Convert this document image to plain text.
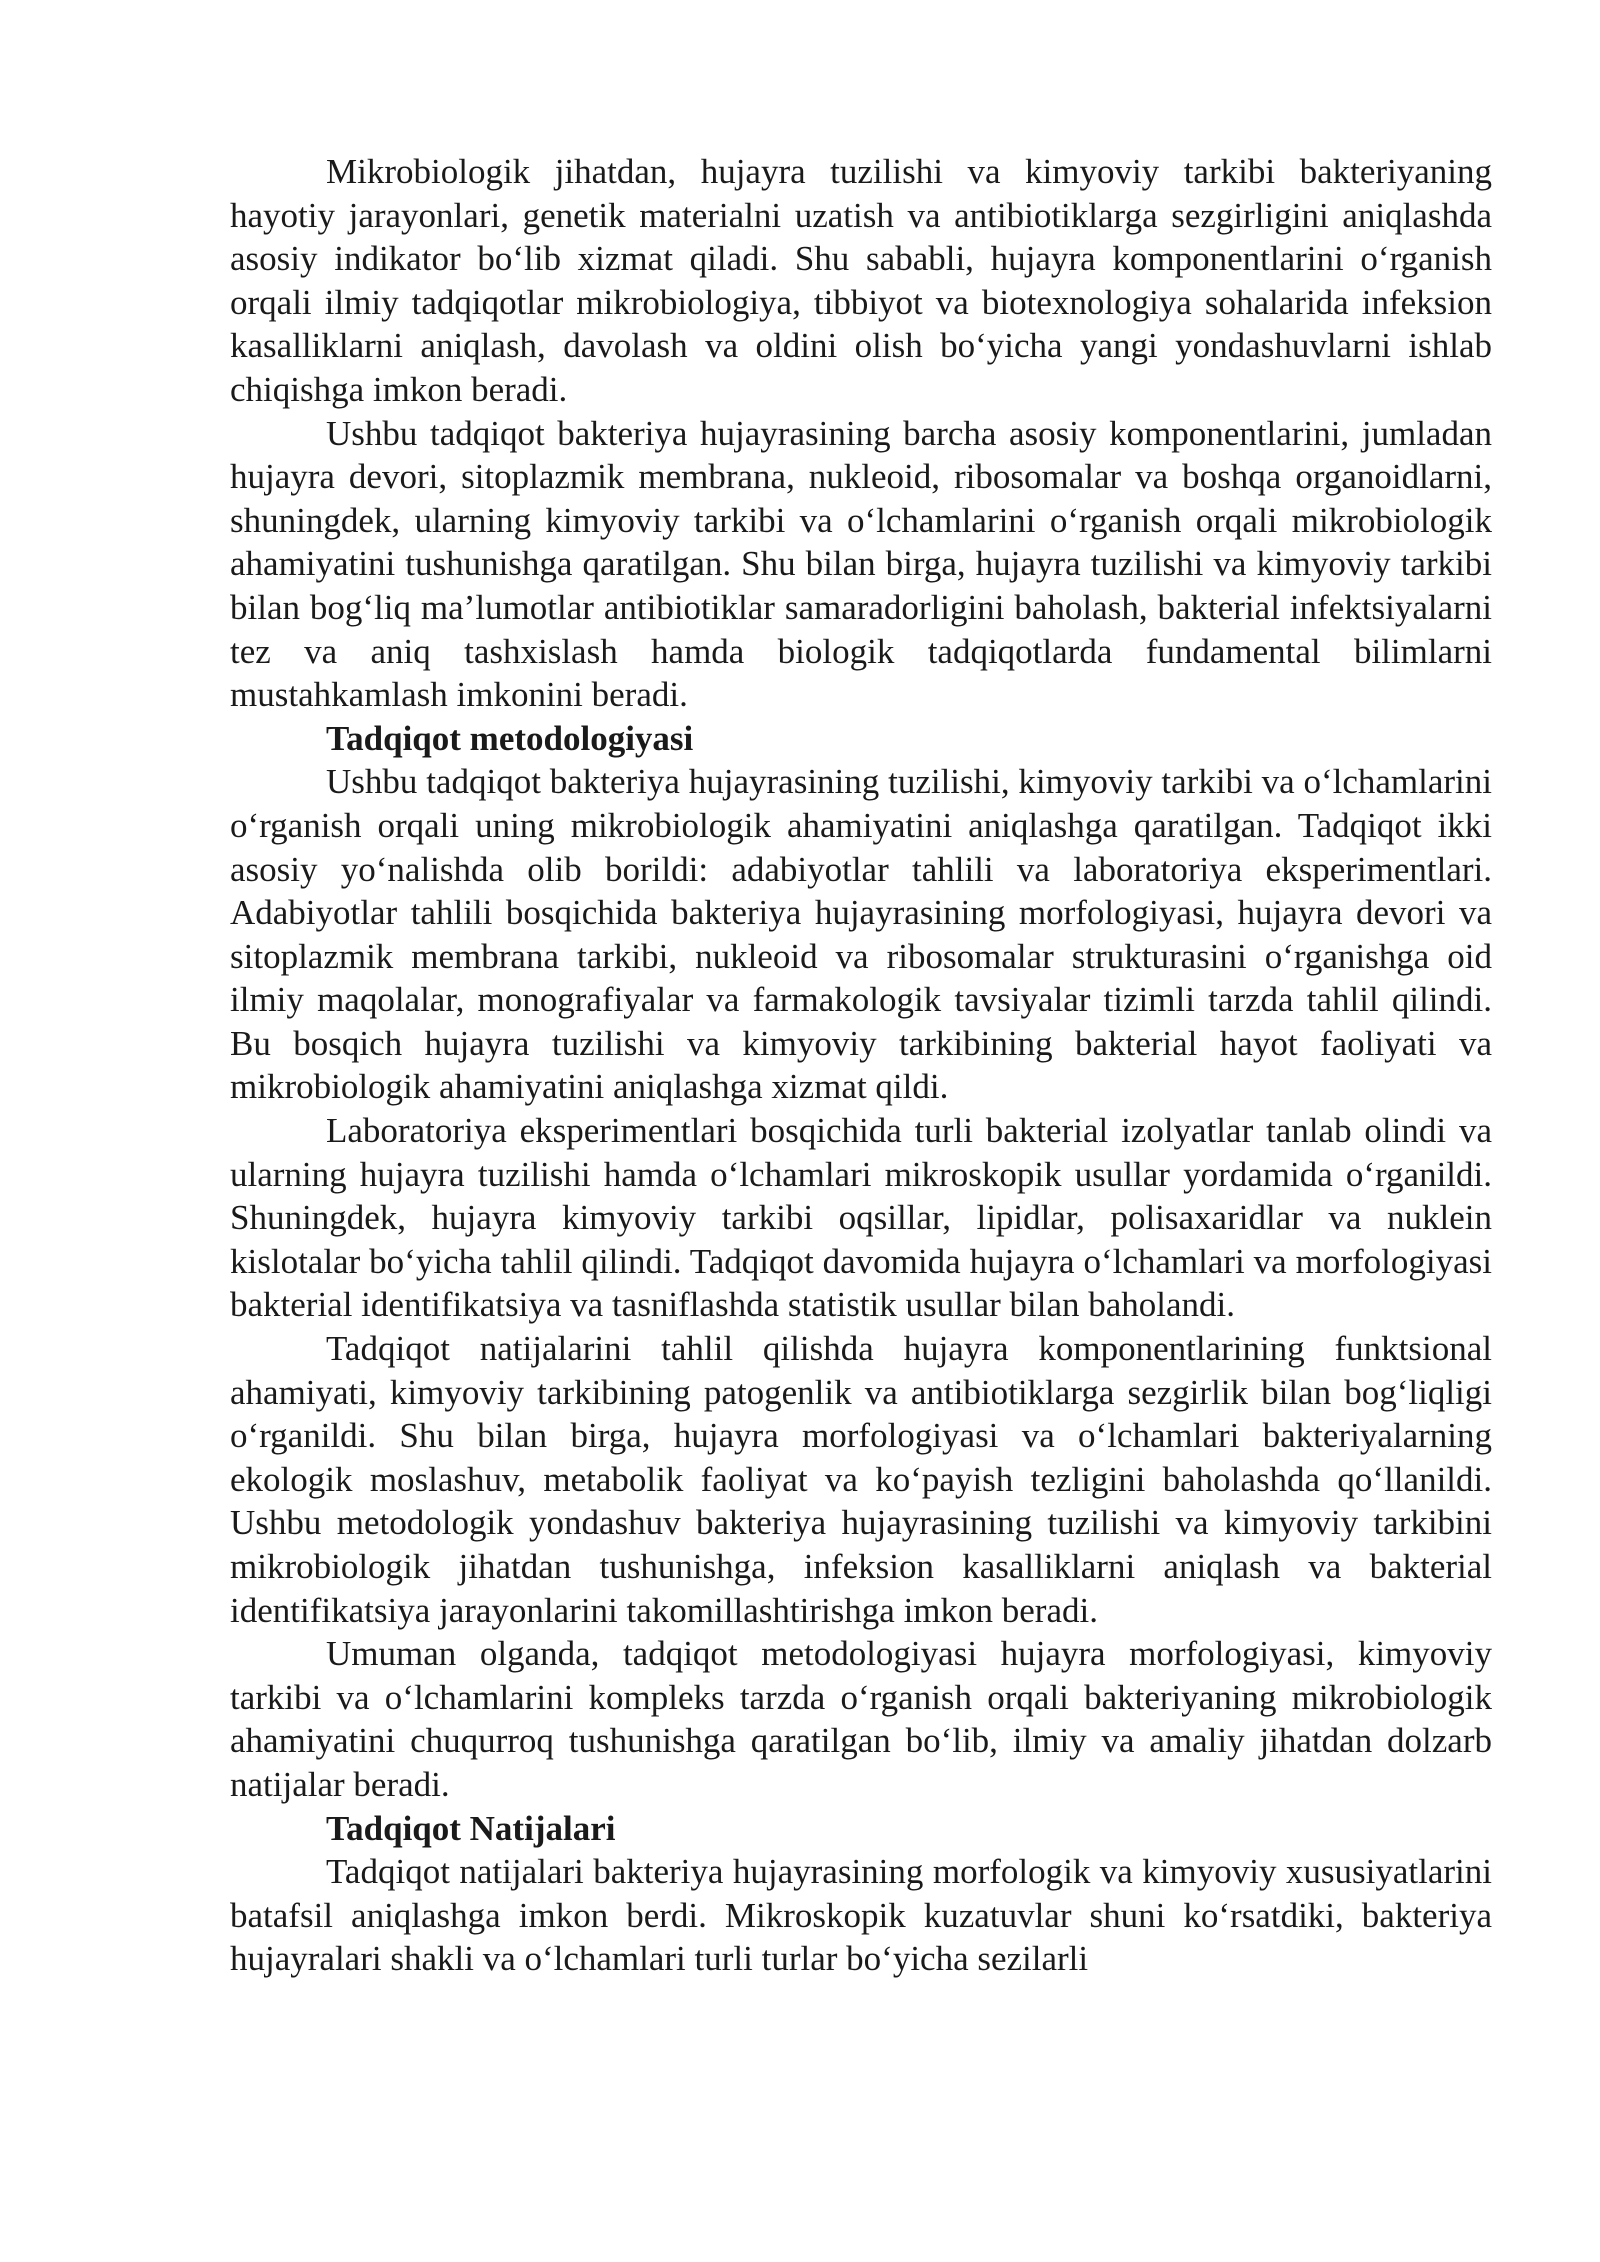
Mikrobiologik jihatdan, hujayra tuzilishi va kimyoviy tarkibi bakteriyaning hayotiy jarayonlari, genetik materialni uzatish va antibiotiklarga sezgirligini aniqlashda asosiy indikator bo‘lib xizmat qiladi. Shu sababli, hujayra komponentlarini o‘rganish orqali ilmiy tadqiqotlar mikrobiologiya, tibbiyot va biotexnologiya sohalarida infeksion kasalliklarni aniqlash, davolash va oldini olish bo‘yicha yangi yondashuvlarni ishlab chiqishga imkon beradi.

Ushbu tadqiqot bakteriya hujayrasining barcha asosiy komponentlarini, jumladan hujayra devori, sitoplazmik membrana, nukleoid, ribosomalar va boshqa organoidlarni, shuningdek, ularning kimyoviy tarkibi va o‘lchamlarini o‘rganish orqali mikrobiologik ahamiyatini tushunishga qaratilgan. Shu bilan birga, hujayra tuzilishi va kimyoviy tarkibi bilan bog‘liq ma’lumotlar antibiotiklar samaradorligini baholash, bakterial infektsiyalarni tez va aniq tashxislash hamda biologik tadqiqotlarda fundamental bilimlarni mustahkamlash imkonini beradi.

Tadqiqot metodologiyasi

Ushbu tadqiqot bakteriya hujayrasining tuzilishi, kimyoviy tarkibi va o‘lchamlarini o‘rganish orqali uning mikrobiologik ahamiyatini aniqlashga qaratilgan. Tadqiqot ikki asosiy yo‘nalishda olib borildi: adabiyotlar tahlili va laboratoriya eksperimentlari. Adabiyotlar tahlili bosqichida bakteriya hujayrasining morfologiyasi, hujayra devori va sitoplazmik membrana tarkibi, nukleoid va ribosomalar strukturasini o‘rganishga oid ilmiy maqolalar, monografiyalar va farmakologik tavsiyalar tizimli tarzda tahlil qilindi. Bu bosqich hujayra tuzilishi va kimyoviy tarkibining bakterial hayot faoliyati va mikrobiologik ahamiyatini aniqlashga xizmat qildi.

Laboratoriya eksperimentlari bosqichida turli bakterial izolyatlar tanlab olindi va ularning hujayra tuzilishi hamda o‘lchamlari mikroskopik usullar yordamida o‘rganildi. Shuningdek, hujayra kimyoviy tarkibi oqsillar, lipidlar, polisaxaridlar va nuklein kislotalar bo‘yicha tahlil qilindi. Tadqiqot davomida hujayra o‘lchamlari va morfologiyasi bakterial identifikatsiya va tasniflashda statistik usullar bilan baholandi.

Tadqiqot natijalarini tahlil qilishda hujayra komponentlarining funktsional ahamiyati, kimyoviy tarkibining patogenlik va antibiotiklarga sezgirlik bilan bog‘liqligi o‘rganildi. Shu bilan birga, hujayra morfologiyasi va o‘lchamlari bakteriyalarning ekologik moslashuv, metabolik faoliyat va ko‘payish tezligini baholashda qo‘llanildi. Ushbu metodologik yondashuv bakteriya hujayrasining tuzilishi va kimyoviy tarkibini mikrobiologik jihatdan tushunishga, infeksion kasalliklarni aniqlash va bakterial identifikatsiya jarayonlarini takomillashtirishga imkon beradi.

Umuman olganda, tadqiqot metodologiyasi hujayra morfologiyasi, kimyoviy tarkibi va o‘lchamlarini kompleks tarzda o‘rganish orqali bakteriyaning mikrobiologik ahamiyatini chuqurroq tushunishga qaratilgan bo‘lib, ilmiy va amaliy jihatdan dolzarb natijalar beradi.

Tadqiqot Natijalari

Tadqiqot natijalari bakteriya hujayrasining morfologik va kimyoviy xususiyatlarini batafsil aniqlashga imkon berdi. Mikroskopik kuzatuvlar shuni ko‘rsatdiki, bakteriya hujayralari shakli va o‘lchamlari turli turlar bo‘yicha sezilarli
